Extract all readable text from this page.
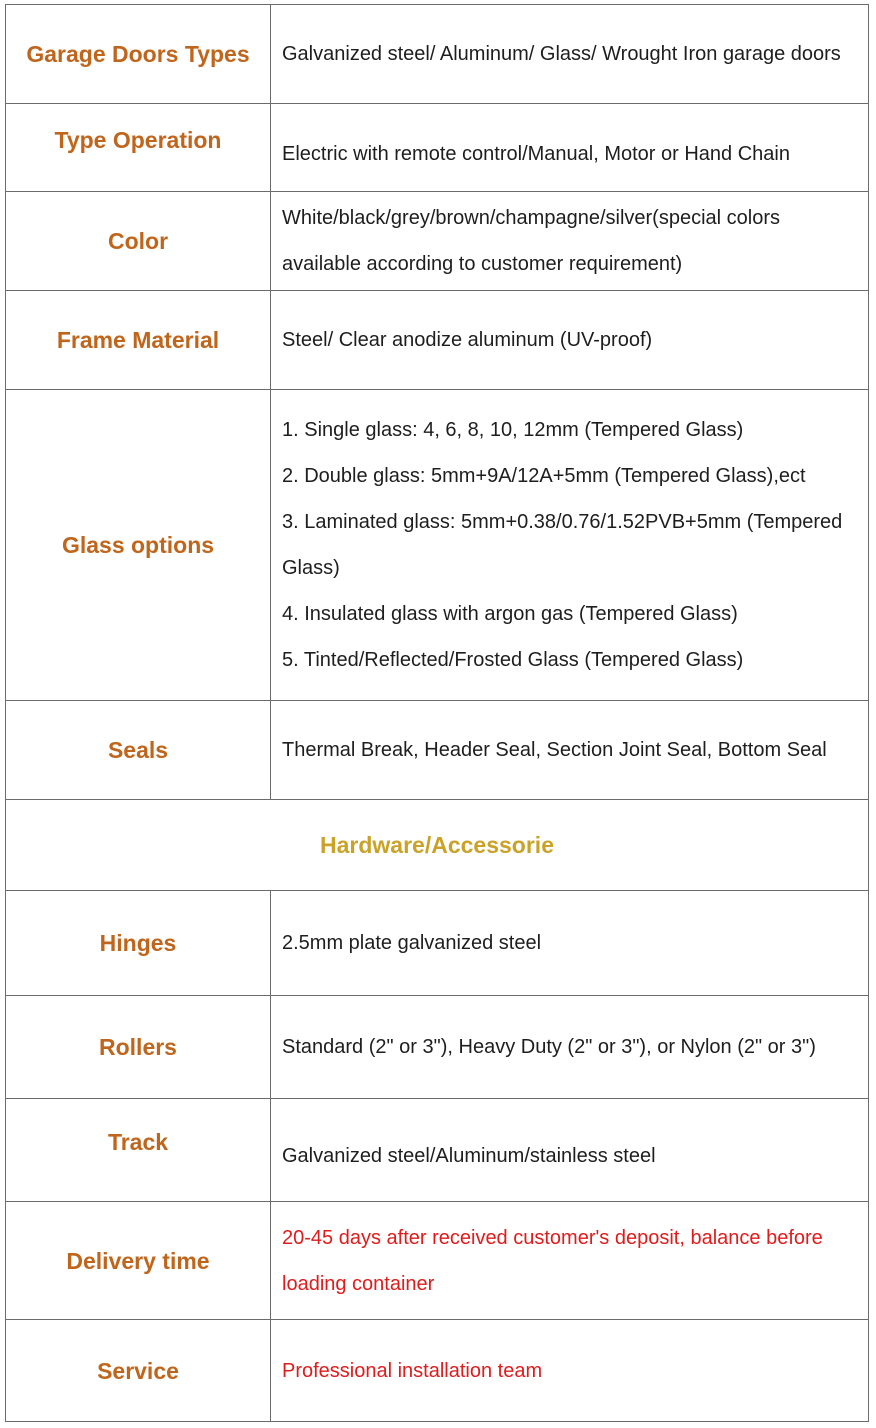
Garage Doors Types	Galvanized steel/ Aluminum/ Glass/ Wrought Iron garage doors
Type Operation	Electric with remote control/Manual, Motor or Hand Chain
Color	White/black/grey/brown/champagne/silver(special colors available according to customer requirement)
Frame Material	Steel/ Clear anodize aluminum (UV-proof)
Glass options	1. Single glass: 4, 6, 8, 10, 12mm (Tempered Glass)
2. Double glass: 5mm+9A/12A+5mm (Tempered Glass),ect
3. Laminated glass: 5mm+0.38/0.76/1.52PVB+5mm (Tempered Glass)
4. Insulated glass with argon gas (Tempered Glass)
5. Tinted/Reflected/Frosted Glass (Tempered Glass)

Seals	Thermal Break, Header Seal, Section Joint Seal, Bottom Seal
Hardware/Accessorie	
Hinges	2.5mm plate galvanized steel
Rollers	Standard (2" or 3"), Heavy Duty (2" or 3"), or Nylon (2" or 3")
Track	Galvanized steel/Aluminum/stainless steel
Delivery time	20-45 days after received customer's deposit, balance before loading container
Service	Professional installation team
